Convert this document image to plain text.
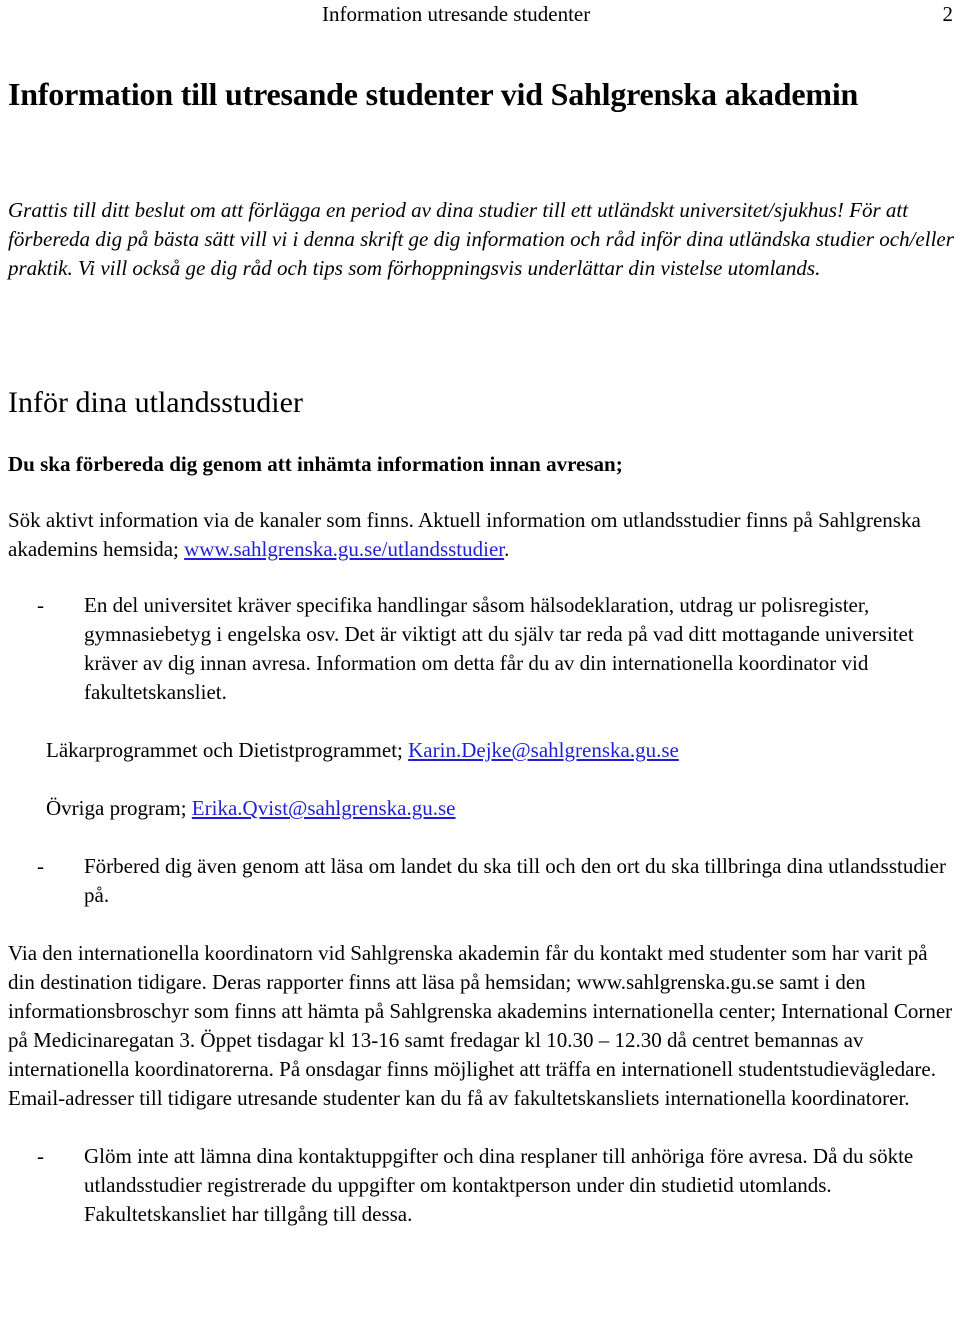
Information utresande studenter	2
Information till utresande studenter vid Sahlgrenska akademin

Grattis till ditt beslut om att förlägga en period av dina studier till ett utländskt universitet/sjukhus! För att förbereda dig på bästa sätt vill vi i denna skrift ge dig information och råd inför dina utländska studier och/eller praktik. Vi vill också ge dig råd och tips som förhoppningsvis underlättar din vistelse utomlands.

Inför dina utlandsstudier

Du ska förbereda dig genom att inhämta information innan avresan;

Sök aktivt information via de kanaler som finns. Aktuell information om utlandsstudier finns på Sahlgrenska akademins hemsida; www.sahlgrenska.gu.se/utlandsstudier.

- En del universitet kräver specifika handlingar såsom hälsodeklaration, utdrag ur polisregister, gymnasiebetyg i engelska osv. Det är viktigt att du själv tar reda på vad ditt mottagande universitet kräver av dig innan avresa. Information om detta får du av din internationella koordinator vid fakultetskansliet.

Läkarprogrammet och Dietistprogrammet; Karin.Dejke@sahlgrenska.gu.se

Övriga program; Erika.Qvist@sahlgrenska.gu.se

- Förbered dig även genom att läsa om landet du ska till och den ort du ska tillbringa dina utlandsstudier på.

Via den internationella koordinatorn vid Sahlgrenska akademin får du kontakt med studenter som har varit på din destination tidigare. Deras rapporter finns att läsa på hemsidan; www.sahlgrenska.gu.se samt i den informationsbroschyr som finns att hämta på Sahlgrenska akademins internationella center; International Corner på Medicinaregatan 3. Öppet tisdagar kl 13-16 samt fredagar kl 10.30 – 12.30 då centret bemannas av internationella koordinatorerna. På onsdagar finns möjlighet att träffa en internationell studentstudievägledare. Email-adresser till tidigare utresande studenter kan du få av fakultetskansliets internationella koordinatorer.

- Glöm inte att lämna dina kontaktuppgifter och dina resplaner till anhöriga före avresa. Då du sökte utlandsstudier registrerade du uppgifter om kontaktperson under din studietid utomlands. Fakultetskansliet har tillgång till dessa.
